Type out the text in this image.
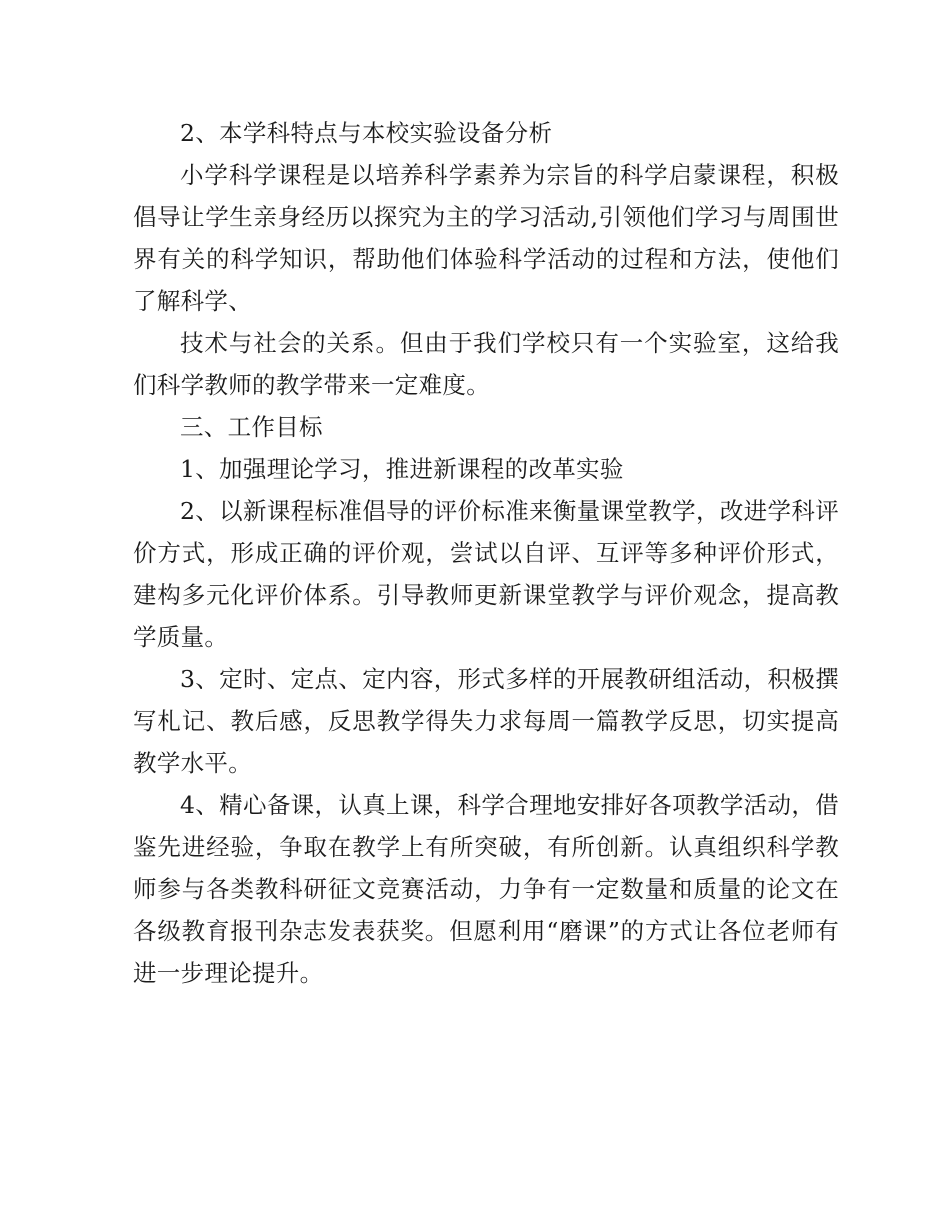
2、本学科特点与本校实验设备分析

小学科学课程是以培养科学素养为宗旨的科学启蒙课程，积极倡导让学生亲身经历以探究为主的学习活动,引领他们学习与周围世界有关的科学知识，帮助他们体验科学活动的过程和方法，使他们了解科学、

技术与社会的关系。但由于我们学校只有一个实验室，这给我们科学教师的教学带来一定难度。

三、工作目标

1、加强理论学习，推进新课程的改革实验

2、以新课程标准倡导的评价标准来衡量课堂教学，改进学科评价方式，形成正确的评价观，尝试以自评、互评等多种评价形式，建构多元化评价体系。引导教师更新课堂教学与评价观念，提高教学质量。

3、定时、定点、定内容，形式多样的开展教研组活动，积极撰写札记、教后感，反思教学得失力求每周一篇教学反思，切实提高教学水平。

4、精心备课，认真上课，科学合理地安排好各项教学活动，借鉴先进经验，争取在教学上有所突破，有所创新。认真组织科学教师参与各类教科研征文竞赛活动，力争有一定数量和质量的论文在各级教育报刊杂志发表获奖。但愿利用“磨课”的方式让各位老师有进一步理论提升。
